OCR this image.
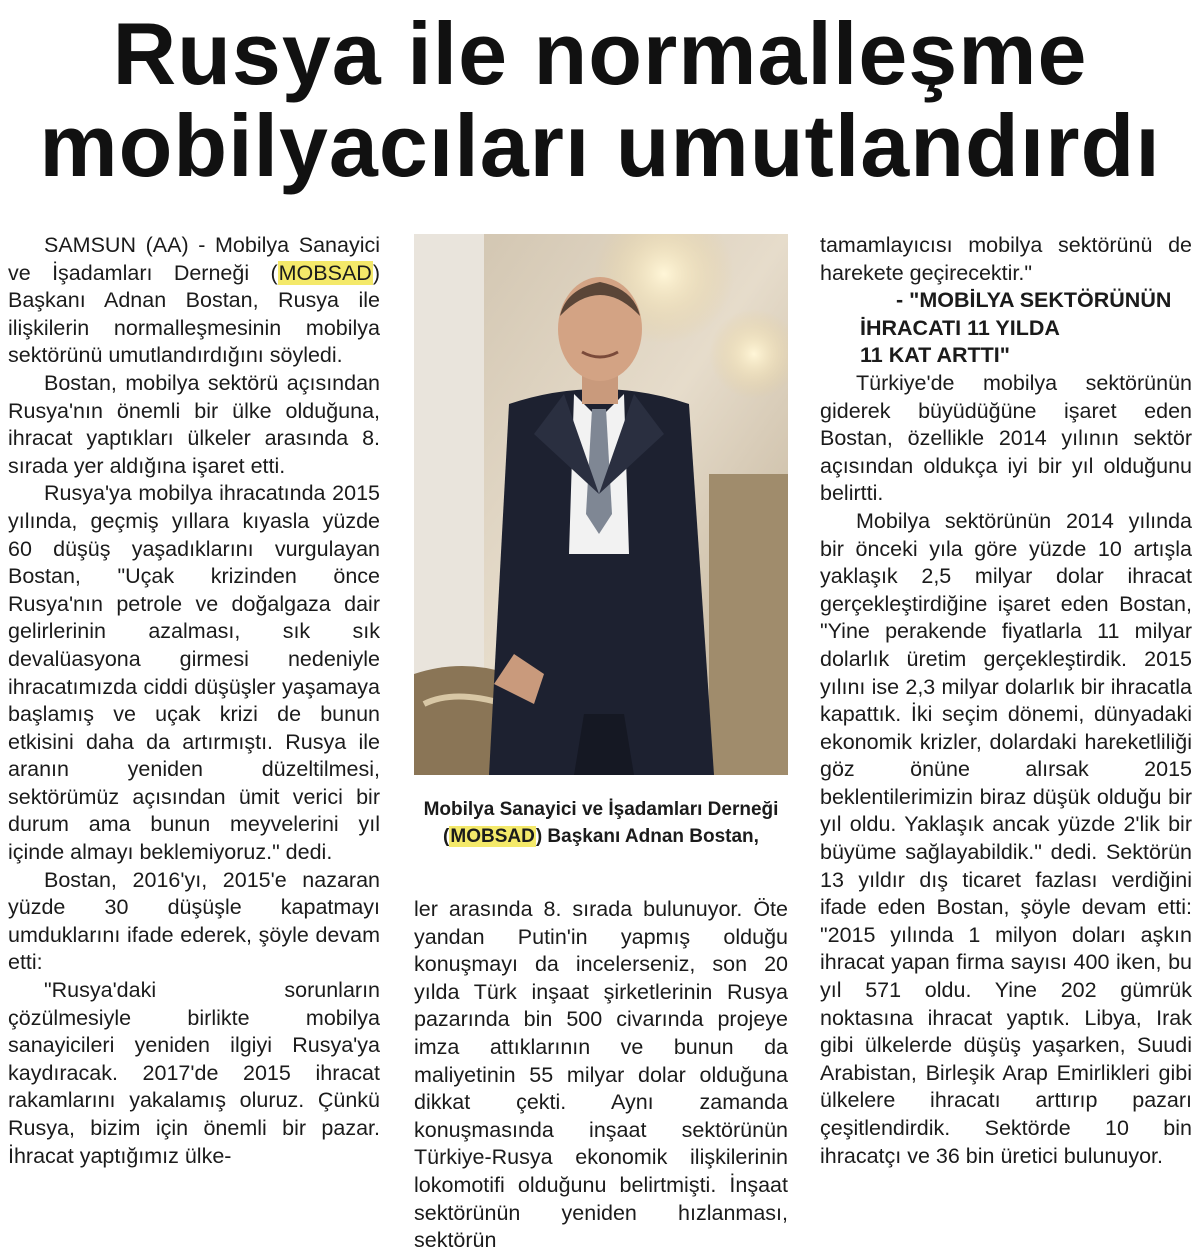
Rusya ile normalleşme
mobilyacıları umutlandırdı

SAMSUN (AA) - Mobilya Sanayici ve İşadamları Derneği (MOBSAD) Başkanı Adnan Bostan, Rusya ile ilişkilerin normalleşmesinin mobilya sektörünü umutlandırdığını söyledi.

Bostan, mobilya sektörü açısından Rusya'nın önemli bir ülke olduğuna, ihracat yaptıkları ülkeler arasında 8. sırada yer aldığına işaret etti.

Rusya'ya mobilya ihracatında 2015 yılında, geçmiş yıllara kıyasla yüzde 60 düşüş yaşadıklarını vurgulayan Bostan, "Uçak krizinden önce Rusya'nın petrole ve doğalgaza dair gelirlerinin azalması, sık sık devalüasyona girmesi nedeniyle ihracatımızda ciddi düşüşler yaşamaya başlamış ve uçak krizi de bunun etkisini daha da artırmıştı. Rusya ile aranın yeniden düzeltilmesi, sektörümüz açısından ümit verici bir durum ama bunun meyvelerini yıl içinde almayı beklemiyoruz." dedi.

Bostan, 2016'yı, 2015'e nazaran yüzde 30 düşüşle kapatmayı umduklarını ifade ederek, şöyle devam etti:

"Rusya'daki sorunların çözülmesiyle birlikte mobilya sanayicileri yeniden ilgiyi Rusya'ya kaydıracak. 2017'de 2015 ihracat rakamlarını yakalamış oluruz. Çünkü Rusya, bizim için önemli bir pazar. İhracat yaptığımız ülke-

Mobilya Sanayici ve İşadamları Derneği (MOBSAD) Başkanı Adnan Bostan,

ler arasında 8. sırada bulunuyor. Öte yandan Putin'in yapmış olduğu konuşmayı da incelerseniz, son 20 yılda Türk inşaat şirketlerinin Rusya pazarında bin 500 civarında projeye imza attıklarının ve bunun da maliyetinin 55 milyar dolar olduğuna dikkat çekti. Aynı zamanda konuşmasında inşaat sektörünün Türkiye-Rusya ekonomik ilişkilerinin lokomotifi olduğunu belirtmişti. İnşaat sektörünün yeniden hızlanması, sektörün

tamamlayıcısı mobilya sektörünü de harekete geçirecektir."

- "MOBİLYA SEKTÖRÜNÜN
İHRACATI 11 YILDA
11 KAT ARTTI"

Türkiye'de mobilya sektörünün giderek büyüdüğüne işaret eden Bostan, özellikle 2014 yılının sektör açısından oldukça iyi bir yıl olduğunu belirtti.

Mobilya sektörünün 2014 yılında bir önceki yıla göre yüzde 10 artışla yaklaşık 2,5 milyar dolar ihracat gerçekleştirdiğine işaret eden Bostan, "Yine perakende fiyatlarla 11 milyar dolarlık üretim gerçekleştirdik. 2015 yılını ise 2,3 milyar dolarlık bir ihracatla kapattık. İki seçim dönemi, dünyadaki ekonomik krizler, dolardaki hareketliliği göz önüne alırsak 2015 beklentilerimizin biraz düşük olduğu bir yıl oldu. Yaklaşık ancak yüzde 2'lik bir büyüme sağlayabildik." dedi. Sektörün 13 yıldır dış ticaret fazlası verdiğini ifade eden Bostan, şöyle devam etti: "2015 yılında 1 milyon doları aşkın ihracat yapan firma sayısı 400 iken, bu yıl 571 oldu. Yine 202 gümrük noktasına ihracat yaptık. Libya, Irak gibi ülkelerde düşüş yaşarken, Suudi Arabistan, Birleşik Arap Emirlikleri gibi ülkelere ihracatı arttırıp pazarı çeşitlendirdik. Sektörde 10 bin ihracatçı ve 36 bin üretici bulunuyor.
